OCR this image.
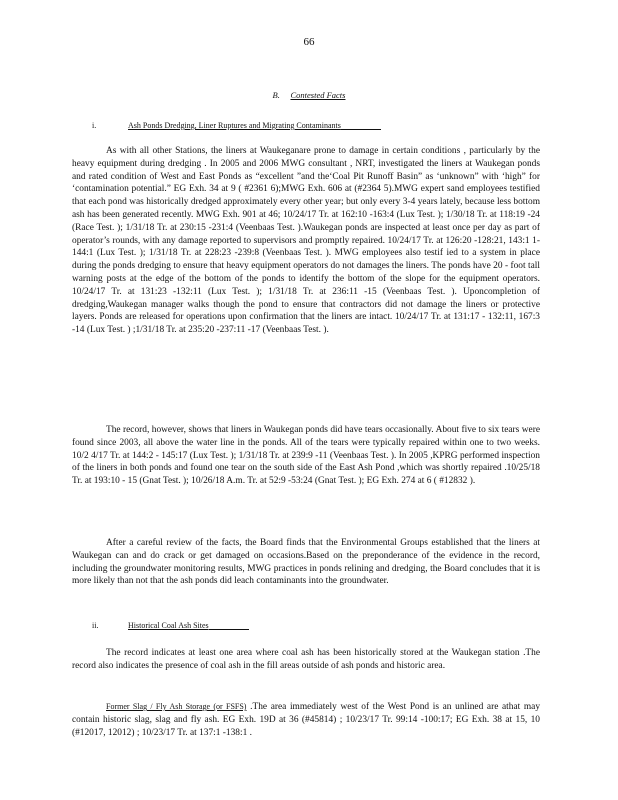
66
B. Contested Facts
i.	Ash Ponds Dredging, Liner Ruptures and Migrating Contaminants

As with all other Stations, the liners at Waukeganare prone to damage in certain conditions , particularly by the heavy equipment during dredging . In 2005 and 2006 MWG consultant , NRT, investigated the liners at Waukegan ponds and rated condition of West and East Ponds as “excellent ”and the‘Coal Pit Runoff Basin” as ‘unknown” with ‘high” for ‘contamination potential.” EG Exh. 34 at 9 ( #2361 6);MWG Exh. 606 at (#2364 5).MWG expert sand employees testified that each pond was historically dredged approximately every other year; but only every 3-4 years lately, because less bottom ash has been generated recently. MWG Exh. 901 at 46; 10/24/17 Tr. at 162:10 -163:4 (Lux Test. ); 1/30/18 Tr. at 118:19 -24 (Race Test. ); 1/31/18 Tr. at 230:15 -231:4 (Veenbaas Test. ).Waukegan ponds are inspected at least once per day as part of operator’s rounds, with any damage reported to supervisors and promptly repaired. 10/24/17 Tr. at 126:20 -128:21, 143:1 1-144:1 (Lux Test. ); 1/31/18 Tr. at 228:23 -239:8 (Veenbaas Test. ). MWG employees also testif ied to a system in place during the ponds dredging to ensure that heavy equipment operators do not damages the liners. The ponds have 20 - foot tall warning posts at the edge of the bottom of the ponds to identify the bottom of the slope for the equipment operators. 10/24/17 Tr. at 131:23 -132:11 (Lux Test. ); 1/31/18 Tr. at 236:11 -15 (Veenbaas Test. ). Uponcompletion of dredging,Waukegan manager walks though the pond to ensure that contractors did not damage the liners or protective layers. Ponds are released for operations upon confirmation that the liners are intact. 10/24/17 Tr. at 131:17 - 132:11, 167:3 -14 (Lux Test. ) ;1/31/18 Tr. at 235:20 -237:11 -17 (Veenbaas Test. ).

The record, however, shows that liners in Waukegan ponds did have tears occasionally. About five to six tears were found since 2003, all above the water line in the ponds. All of the tears were typically repaired within one to two weeks. 10/2 4/17 Tr. at 144:2 - 145:17 (Lux Test. ); 1/31/18 Tr. at 239:9 -11 (Veenbaas Test. ). In 2005 ,KPRG performed inspection of the liners in both ponds and found one tear on the south side of the East Ash Pond ,which was shortly repaired .10/25/18 Tr. at 193:10 - 15 (Gnat Test. ); 10/26/18 A.m. Tr. at 52:9 -53:24 (Gnat Test. ); EG Exh. 274 at 6 ( #12832 ).

After a careful review of the facts, the Board finds that the Environmental Groups established that the liners at Waukegan can and do crack or get damaged on occasions.Based on the preponderance of the evidence in the record, including the groundwater monitoring results, MWG practices in ponds relining and dredging, the Board concludes that it is more likely than not that the ash ponds did leach contaminants into the groundwater.

ii.	Historical Coal Ash Sites

The record indicates at least one area where coal ash has been historically stored at the Waukegan station .The record also indicates the presence of coal ash in the fill areas outside of ash ponds and historic area.

Former Slag / Fly Ash Storage (or FSFS) .The area immediately west of the West Pond is an unlined are athat may contain historic slag, slag and fly ash. EG Exh. 19D at 36 (#45814) ; 10/23/17 Tr. 99:14 -100:17; EG Exh. 38 at 15, 10 (#12017, 12012) ; 10/23/17 Tr. at 137:1 -138:1 .
